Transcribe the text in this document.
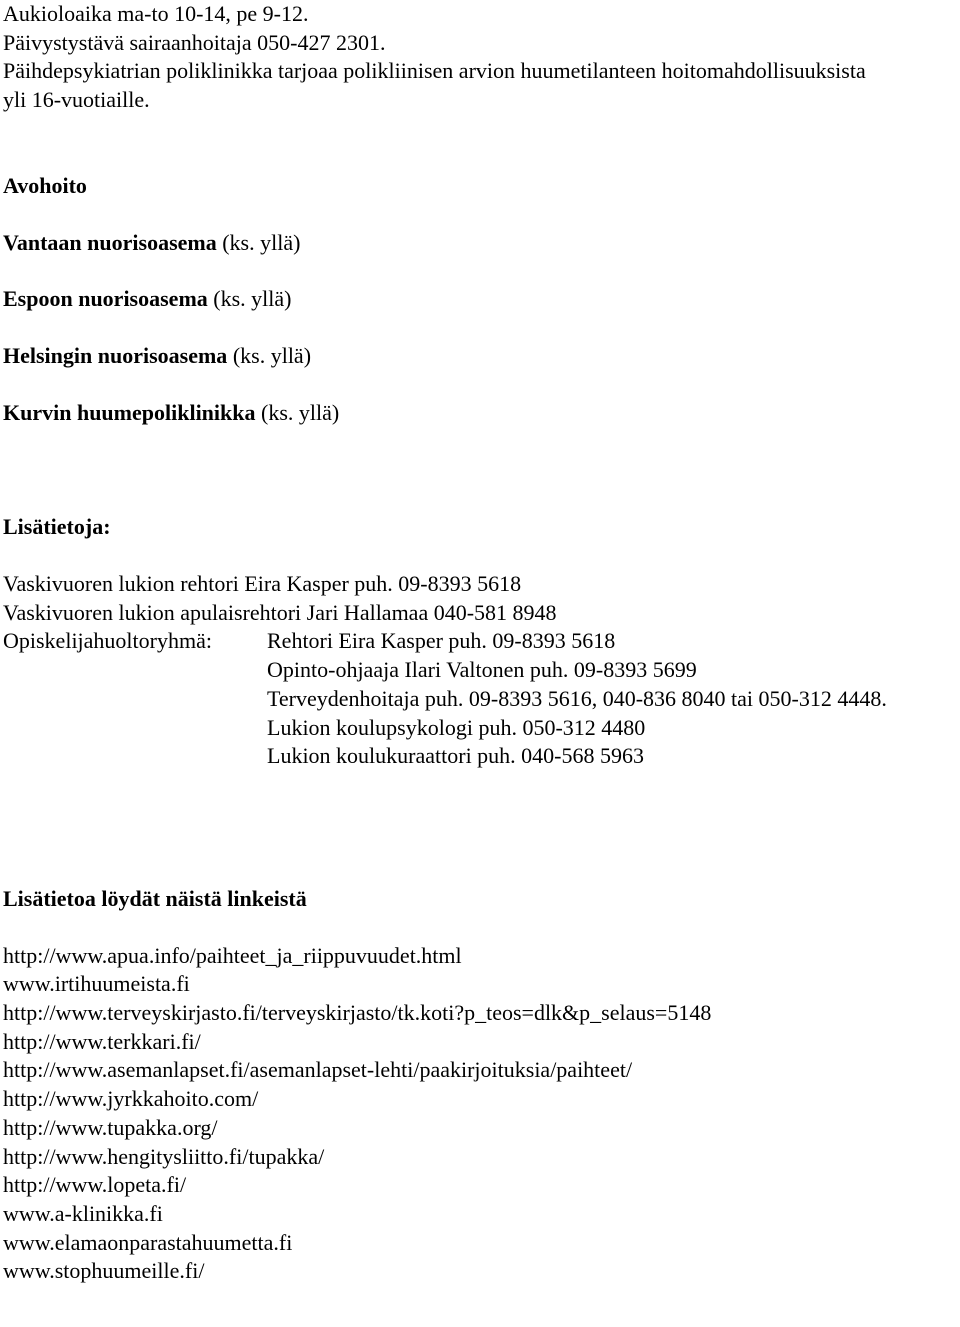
Aukioloaika ma-to 10-14, pe 9-12.
Päivystystävä sairaanhoitaja 050-427 2301.
Päihdepsykiatrian poliklinikka tarjoaa polikliinisen arvion huumetilanteen hoitomahdollisuuksista
yli 16-vuotiaille.
Avohoito
Vantaan nuorisoasema (ks. yllä)
Espoon nuorisoasema (ks. yllä)
Helsingin nuorisoasema (ks. yllä)
Kurvin huumepoliklinikka (ks. yllä)
Lisätietoja:
Vaskivuoren lukion rehtori Eira Kasper puh. 09-8393 5618
Vaskivuoren lukion apulaisrehtori Jari Hallamaa 040-581 8948
Opiskelijahuoltoryhmä:	Rehtori Eira Kasper puh. 09-8393 5618
Opinto-ohjaaja Ilari Valtonen puh. 09-8393 5699
Terveydenhoitaja puh. 09-8393 5616, 040-836 8040 tai 050-312 4448.
Lukion koulupsykologi puh. 050-312 4480
Lukion koulukuraattori puh. 040-568 5963
Lisätietoa löydät näistä linkeistä
http://www.apua.info/paihteet_ja_riippuvuudet.html
www.irtihuumeista.fi
http://www.terveyskirjasto.fi/terveyskirjasto/tk.koti?p_teos=dlk&p_selaus=5148
http://www.terkkari.fi/
http://www.asemanlapset.fi/asemanlapset-lehti/paakirjoituksia/paihteet/
http://www.jyrkkahoito.com/
http://www.tupakka.org/
http://www.hengitysliitto.fi/tupakka/
http://www.lopeta.fi/
www.a-klinikka.fi
www.elamaonparastahuumetta.fi
www.stophuumeille.fi/
